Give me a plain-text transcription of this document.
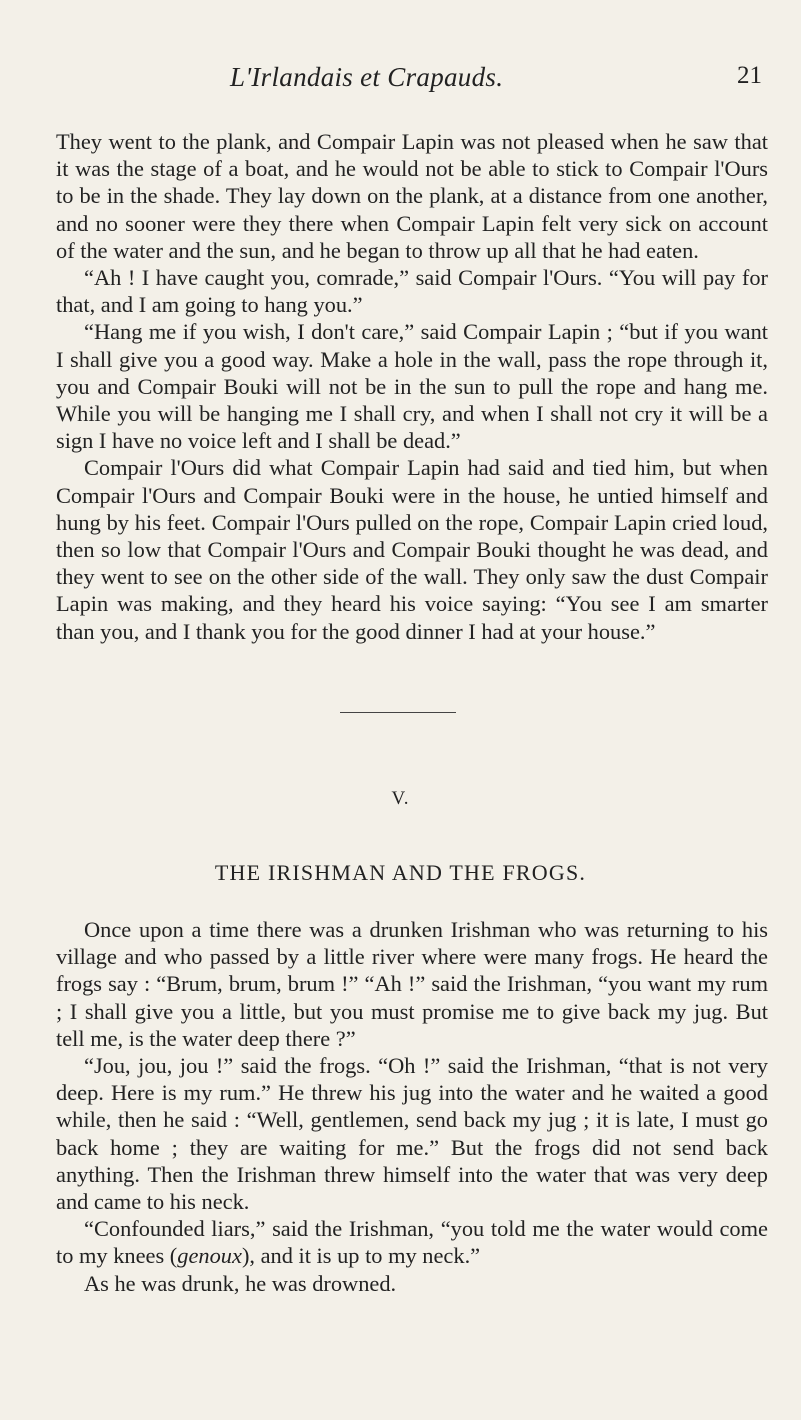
L'Irlandais et Crapauds.	21

They went to the plank, and Compair Lapin was not pleased when he saw that it was the stage of a boat, and he would not be able to stick to Compair l'Ours to be in the shade. They lay down on the plank, at a distance from one another, and no sooner were they there when Compair Lapin felt very sick on account of the water and the sun, and he began to throw up all that he had eaten.

“Ah ! I have caught you, comrade,” said Compair l'Ours. “You will pay for that, and I am going to hang you.”

“Hang me if you wish, I don't care,” said Compair Lapin ; “but if you want I shall give you a good way. Make a hole in the wall, pass the rope through it, you and Compair Bouki will not be in the sun to pull the rope and hang me. While you will be hanging me I shall cry, and when I shall not cry it will be a sign I have no voice left and I shall be dead.”

Compair l'Ours did what Compair Lapin had said and tied him, but when Compair l'Ours and Compair Bouki were in the house, he untied himself and hung by his feet. Compair l'Ours pulled on the rope, Compair Lapin cried loud, then so low that Compair l'Ours and Compair Bouki thought he was dead, and they went to see on the other side of the wall. They only saw the dust Compair Lapin was making, and they heard his voice saying: “You see I am smarter than you, and I thank you for the good dinner I had at your house.”

V.
THE IRISHMAN AND THE FROGS.

Once upon a time there was a drunken Irishman who was returning to his village and who passed by a little river where were many frogs. He heard the frogs say : “Brum, brum, brum !” “Ah !” said the Irishman, “you want my rum ; I shall give you a little, but you must promise me to give back my jug. But tell me, is the water deep there ?”

“Jou, jou, jou !” said the frogs. “Oh !” said the Irishman, “that is not very deep. Here is my rum.” He threw his jug into the water and he waited a good while, then he said : “Well, gentlemen, send back my jug ; it is late, I must go back home ; they are waiting for me.” But the frogs did not send back anything. Then the Irishman threw himself into the water that was very deep and came to his neck.

“Confounded liars,” said the Irishman, “you told me the water would come to my knees (genoux), and it is up to my neck.”

As he was drunk, he was drowned.
